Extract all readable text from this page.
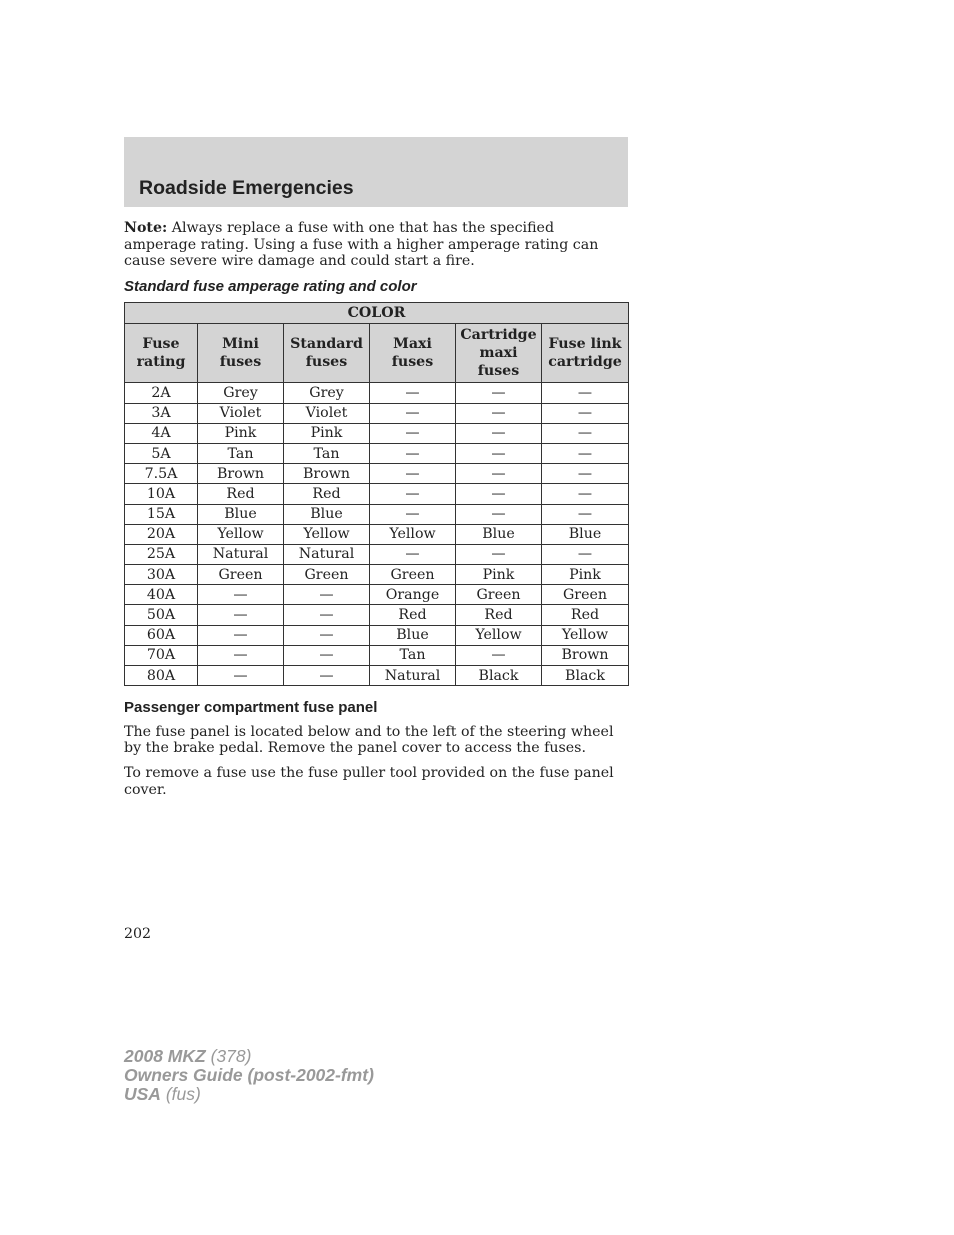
Roadside Emergencies

Note: Always replace a fuse with one that has the specified amperage rating. Using a fuse with a higher amperage rating can cause severe wire damage and could start a fire.

Standard fuse amperage rating and color

COLOR					
Fuse rating	Mini fuses	Standard fuses	Maxi fuses	Cartridge maxi fuses	Fuse link cartridge
2A	Grey	Grey	—	—	—
3A	Violet	Violet	—	—	—
4A	Pink	Pink	—	—	—
5A	Tan	Tan	—	—	—
7.5A	Brown	Brown	—	—	—
10A	Red	Red	—	—	—
15A	Blue	Blue	—	—	—
20A	Yellow	Yellow	Yellow	Blue	Blue
25A	Natural	Natural	—	—	—
30A	Green	Green	Green	Pink	Pink
40A	—	—	Orange	Green	Green
50A	—	—	Red	Red	Red
60A	—	—	Blue	Yellow	Yellow
70A	—	—	Tan	—	Brown
80A	—	—	Natural	Black	Black

Passenger compartment fuse panel

The fuse panel is located below and to the left of the steering wheel by the brake pedal. Remove the panel cover to access the fuses.

To remove a fuse use the fuse puller tool provided on the fuse panel cover.

202
2008 MKZ (378)
Owners Guide (post-2002-fmt)
USA (fus)
